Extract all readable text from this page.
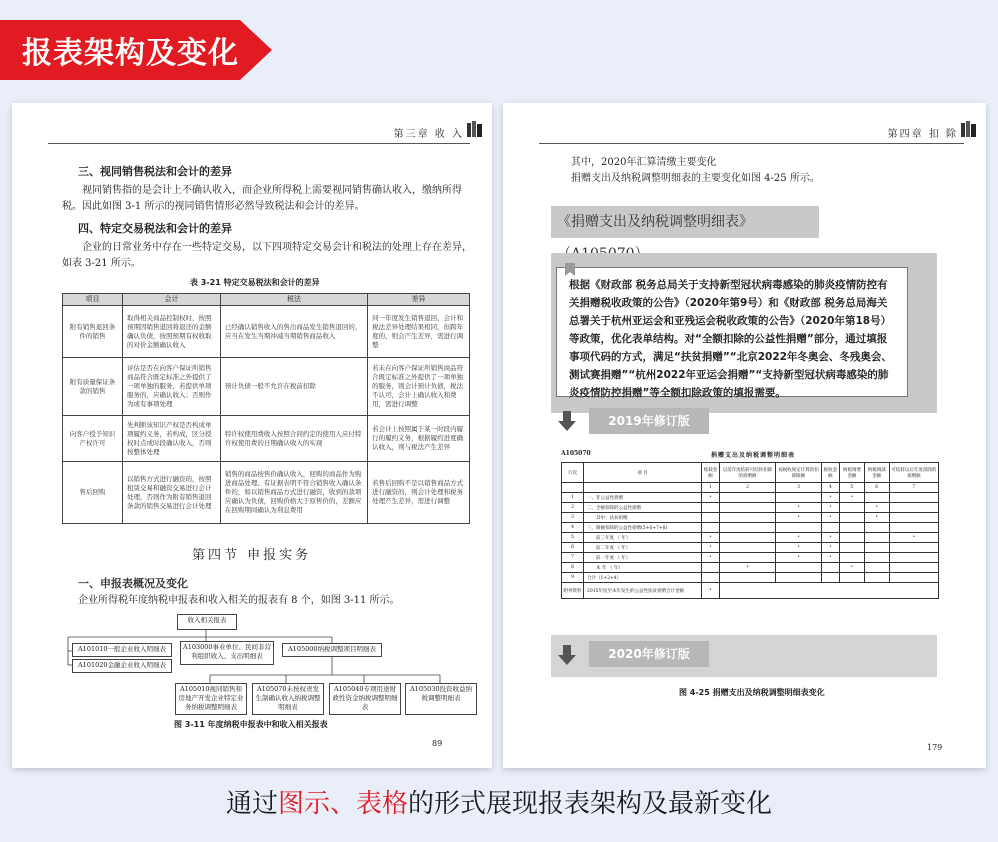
报表架构及变化
第三章 收 入
三、视同销售税法和会计的差异
视同销售指的是会计上不确认收入，而企业所得税上需要视同销售确认收入，缴纳所得税。因此如图 3-1 所示的视同销售情形必然导致税法和会计的差异。
四、特定交易税法和会计的差异
企业的日常业务中存在一些特定交易，以下四项特定交易会计和税法的处理上存在差异，如表 3-21 所示。
表 3-21 特定交易税法和会计的差异
项目	会计	税法	差异
附有销售退回条件的销售	取得相关商品控制权时，按照预期因销售退回将退还的金额确认负债，按照预期有权收取的对价金额确认收入	已经确认销售收入的售出商品发生销售退回的，应当在发生当期冲减当期销售商品收入	同一年度发生销售退回，会计和税法差异处理结果相同，但跨年度的，则会产生差异，需进行调整
附有质量保证条款的销售	评估是否在向客户保证所销售商品符合既定标准之外提供了一项单独的服务，若提供单项服务的，应确认收入；否则作为或有事项处理	预计负债一般不允许在税前扣除	若未在向客户保证所销售商品符合既定标准之外提供了一项单独的服务，则会计预计负债，税法不认可，会计上确认收入和费用，需进行调整
向客户授予知识产权许可	先判断该知识产权是否构成单项履约义务，若构成，区分授权时点或时段确认收入，否则按整体处理	特许权使用费收入按照合同约定的使用人应付特许权使用费的日期确认收入的实现	若会计上按照属于某一时段内履行的履约义务，根据履约进度确认收入，则与税法产生差异
售后回购	以销售方式进行融资的，按照租赁交易和融资交易进行会计处理，否则作为附有销售退回条款的销售交易进行会计处理	销售的商品按售价确认收入，回购的商品作为购进商品处理。有证据表明不符合销售收入确认条件的，如以销售商品方式进行融资，收到的款项应确认为负债，回购价格大于原售价的，差额应在回购期间确认为利息费用	若售后回购不是以销售商品方式进行融资的，则会计处理和税务处理产生差异，需进行调整
第四节 申报实务
一、申报表概况及变化
企业所得税年度纳税申报表和收入相关的报表有 8 个，如图 3-11 所示。
收入相关报表
A101010一般企业收入明细表
A101020金融企业收入明细表
A103000事业单位、民间非营利组织收入、支出明细表
A105000纳税调整项目明细表
A105010视同销售和房地产开发企业特定业务纳税调整明细表
A105070未按权责发生制确认收入纳税调整明细表
A105040专项用途财政性资金纳税调整明细表
A105030投资收益纳税调整明细表
图 3-11 年度纳税申报表中和收入相关报表
89
第四章 扣 除
其中，2020年汇算清缴主要变化
捐赠支出及纳税调整明细表的主要变化如图 4-25 所示。
《捐赠支出及纳税调整明细表》
根据《财政部 税务总局关于支持新型冠状病毒感染的肺炎疫情防控有关捐赠税收政策的公告》（2020年第9号）和《财政部 税务总局海关总署关于杭州亚运会和亚残运会税收政策的公告》（2020年第18号）等政策，优化表单结构。对“全额扣除的公益性捐赠”部分，通过填报事项代码的方式，满足“扶贫捐赠”“北京2022年冬奥会、冬残奥会、测试赛捐赠”“杭州2022年亚运会捐赠”“支持新型冠状病毒感染的肺炎疫情防控捐赠”等全额扣除政策的填报需要。
2019年修订版
A105070	捐赠支出及纳税调整明细表
行次	项 目	账载金额	以前年度结转可结转扣除的捐赠额	按税收规定计算的扣除限额	税收金额	纳税调增金额	纳税调减金额	可结转以后年度扣除的捐赠额
		1	2	3	4	5	6	7
1	一、非公益性捐赠	•			•	•		
2	二、全额扣除的公益性捐赠			•	•		•	
3	其中：扶贫捐赠			•	•		•	
4	三、限额扣除的公益性捐赠(5+6+7+8)							
5	前三年度 （ 年）	•		•	•			•
6	前二年度 （ 年）	•		•	•			
7	前一年度 （ 年）	•		•	•			
8	本 年 （ 年）		•			•		
9	合计（1+2+4）							
附列资料	2015年度至本年发生的公益性扶贫捐赠合计金额	•						
2020年修订版
图 4-25 捐赠支出及纳税调整明细表变化
179
通过图示、表格的形式展现报表架构及最新变化
